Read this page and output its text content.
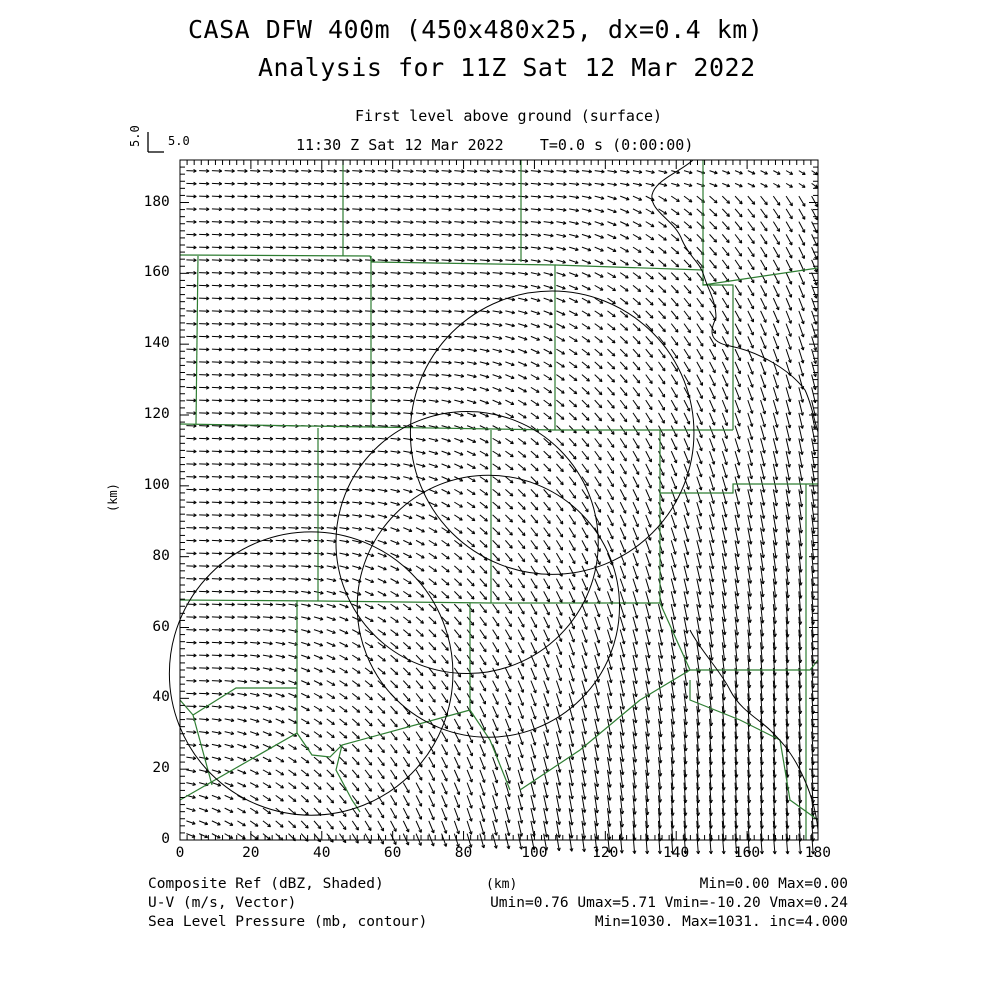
CASA DFW 400m (450x480x25, dx=0.4 km)
Analysis for 11Z Sat 12 Mar 2022
First level above ground (surface)
11:30 Z Sat 12 Mar 2022    T=0.0 s (0:00:00)
5.0
5.0
0	20	40	60	80	100	120	140	160	180
0
20
40
60
80
100
120
140
160
180
(km)
(km)
Composite Ref (dBZ, Shaded)	Min=0.00 Max=0.00
U-V (m/s, Vector)	Umin=0.76 Umax=5.71 Vmin=-10.20 Vmax=0.24
Sea Level Pressure (mb, contour)	Min=1030. Max=1031. inc=4.000
